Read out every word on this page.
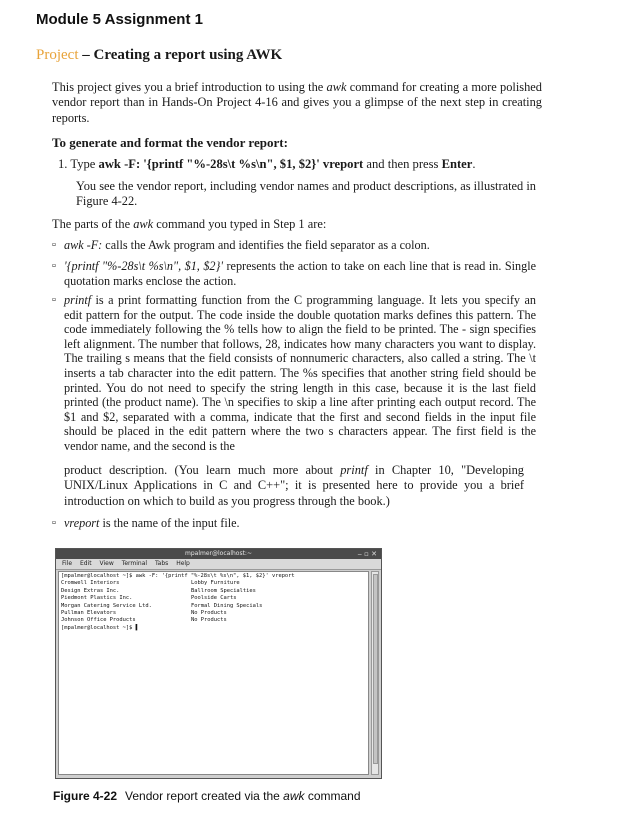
Module 5 Assignment 1
Project – Creating a report using AWK
This project gives you a brief introduction to using the awk command for creating a more polished vendor report than in Hands-On Project 4-16 and gives you a glimpse of the next step in creating reports.
To generate and format the vendor report:
1. Type awk -F: '{printf "%-28s\t %s\n", $1, $2}' vreport and then press Enter.
You see the vendor report, including vendor names and product descriptions, as illustrated in Figure 4-22.
The parts of the awk command you typed in Step 1 are:
▫ awk -F: calls the Awk program and identifies the field separator as a colon.
▫ '{printf "%-28s\t %s\n", $1, $2}' represents the action to take on each line that is read in. Single quotation marks enclose the action.
▫ printf is a print formatting function from the C programming language. It lets you specify an edit pattern for the output. The code inside the double quotation marks defines this pattern. The code immediately following the % tells how to align the field to be printed. The - sign specifies left alignment. The number that follows, 28, indicates how many characters you want to display. The trailing s means that the field consists of nonnumeric characters, also called a string. The \t inserts a tab character into the edit pattern. The %s specifies that another string field should be printed. You do not need to specify the string length in this case, because it is the last field printed (the product name). The \n specifies to skip a line after printing each output record. The $1 and $2, separated with a comma, indicate that the first and second fields in the input file should be placed in the edit pattern where the two s characters appear. The first field is the vendor name, and the second is the
product description. (You learn much more about printf in Chapter 10, "Developing UNIX/Linux Applications in C and C++"; it is presented here to provide you a brief introduction on which to build as you progress through the book.)
▫ vreport is the name of the input file.
mpalmer@localhost:~	‒ ▫ ✕
File Edit View Terminal Tabs Help
[mpalmer@localhost ~]$ awk -F: '{printf "%-28s\t %s\n", $1, $2}' vreport
Cromwell Interiors	Lobby Furniture
Design Extras Inc.	Ballroom Specialties
Piedmont Plastics Inc.	Poolside Carts
Morgan Catering Service Ltd.	Formal Dining Specials
Pullman Elevators	No Products
Johnson Office Products	No Products
[mpalmer@localhost ~]$ ▌
Figure 4-22 Vendor report created via the awk command
